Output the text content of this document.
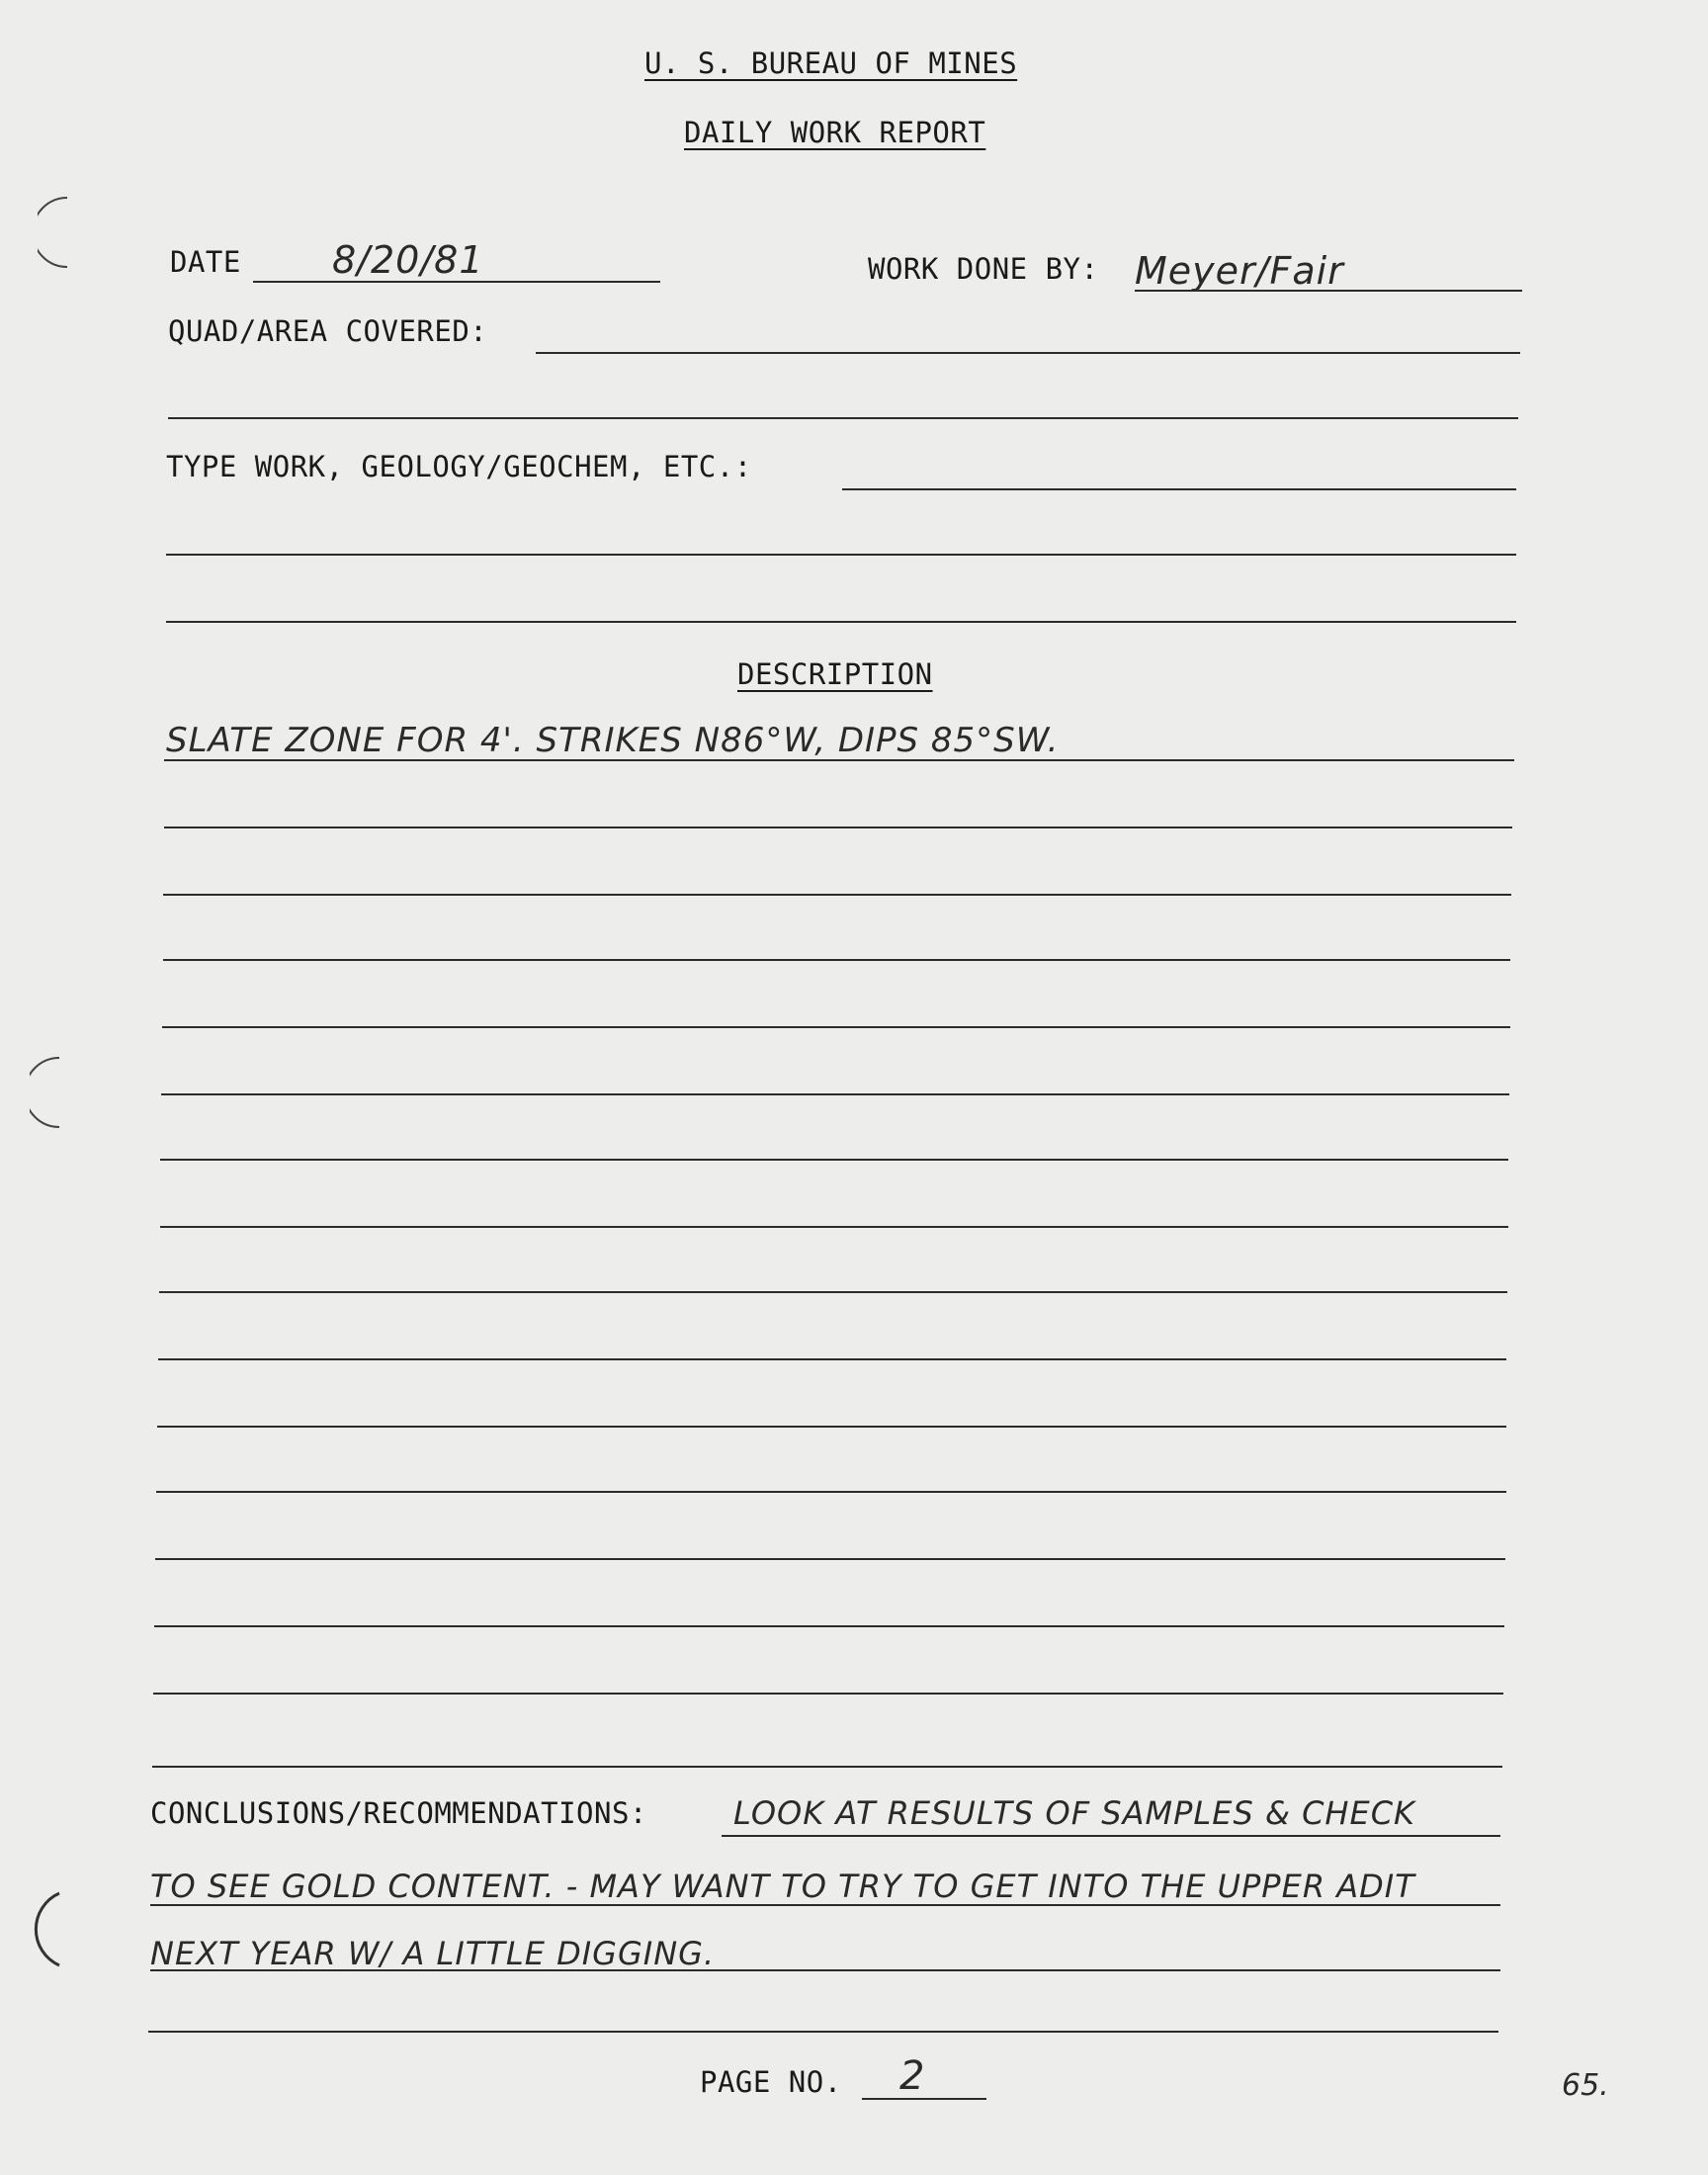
U. S. BUREAU OF MINES
DAILY WORK REPORT
DATE 8/20/81	WORK DONE BY: Meyer/Fair
QUAD/AREA COVERED:
TYPE WORK, GEOLOGY/GEOCHEM, ETC.:
DESCRIPTION
SLATE ZONE FOR 4'. STRIKES N86°W, DIPS 85°SW.
CONCLUSIONS/RECOMMENDATIONS:	LOOK AT RESULTS OF SAMPLES & CHECK
TO SEE GOLD CONTENT. - MAY WANT TO TRY TO GET INTO THE UPPER ADIT
NEXT YEAR W/ A LITTLE DIGGING.
PAGE NO. 2	65.
